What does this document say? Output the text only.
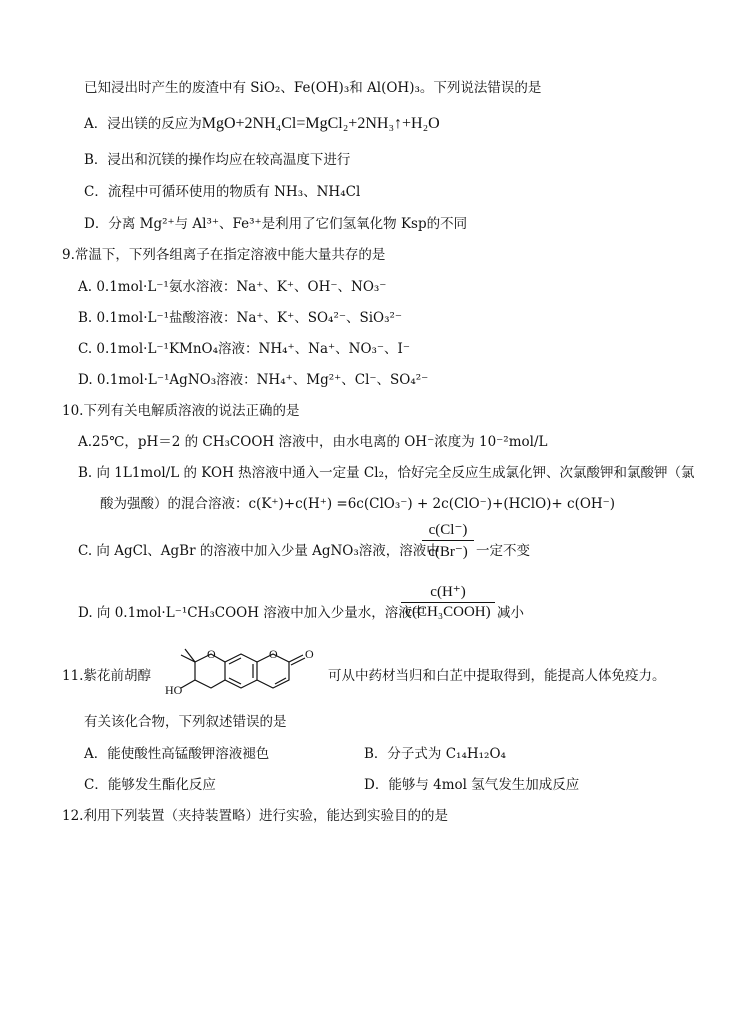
已知浸出时产生的废渣中有 SiO₂、Fe(OH)₃和 Al(OH)₃。下列说法错误的是
A．浸出镁的反应为MgO+2NH₄Cl=MgCl₂+2NH₃↑+H₂O
B．浸出和沉镁的操作均应在较高温度下进行
C．流程中可循环使用的物质有 NH₃、NH₄Cl
D．分离 Mg²⁺与 Al³⁺、Fe³⁺是利用了它们氢氧化物 Ksp的不同
9.常温下，下列各组离子在指定溶液中能大量共存的是
A. 0.1mol·L⁻¹氨水溶液：Na⁺、K⁺、OH⁻、NO₃⁻
B. 0.1mol·L⁻¹盐酸溶液：Na⁺、K⁺、SO₄²⁻、SiO₃²⁻
C. 0.1mol·L⁻¹KMnO₄溶液：NH₄⁺、Na⁺、NO₃⁻、I⁻
D. 0.1mol·L⁻¹AgNO₃溶液：NH₄⁺、Mg²⁺、Cl⁻、SO₄²⁻
10.下列有关电解质溶液的说法正确的是
A.25℃，pH＝2 的 CH₃COOH 溶液中，由水电离的 OH⁻浓度为 10⁻²mol/L
B. 向 1L1mol/L 的 KOH 热溶液中通入一定量 Cl₂，恰好完全反应生成氯化钾、次氯酸钾和氯酸钾（氯
酸为强酸）的混合溶液：c(K⁺)+c(H⁺) =6c(ClO₃⁻) + 2c(ClO⁻)+(HClO)+ c(OH⁻)
C. 向 AgCl、AgBr 的溶液中加入少量 AgNO₃溶液，溶液中
c(Cl⁻)
c(Br⁻) 一定不变
D. 向 0.1mol·L⁻¹CH₃COOH 溶液中加入少量水，溶液中
c(H⁺)
c(CH₃COOH) 减小
11.紫花前胡醇
O	O O
HO
可从中药材当归和白芷中提取得到，能提高人体免疫力。
有关该化合物，下列叙述错误的是
A．能使酸性高锰酸钾溶液褪色	B．分子式为 C₁₄H₁₂O₄
C．能够发生酯化反应	D．能够与 4mol 氢气发生加成反应
12.利用下列装置（夹持装置略）进行实验，能达到实验目的的是
